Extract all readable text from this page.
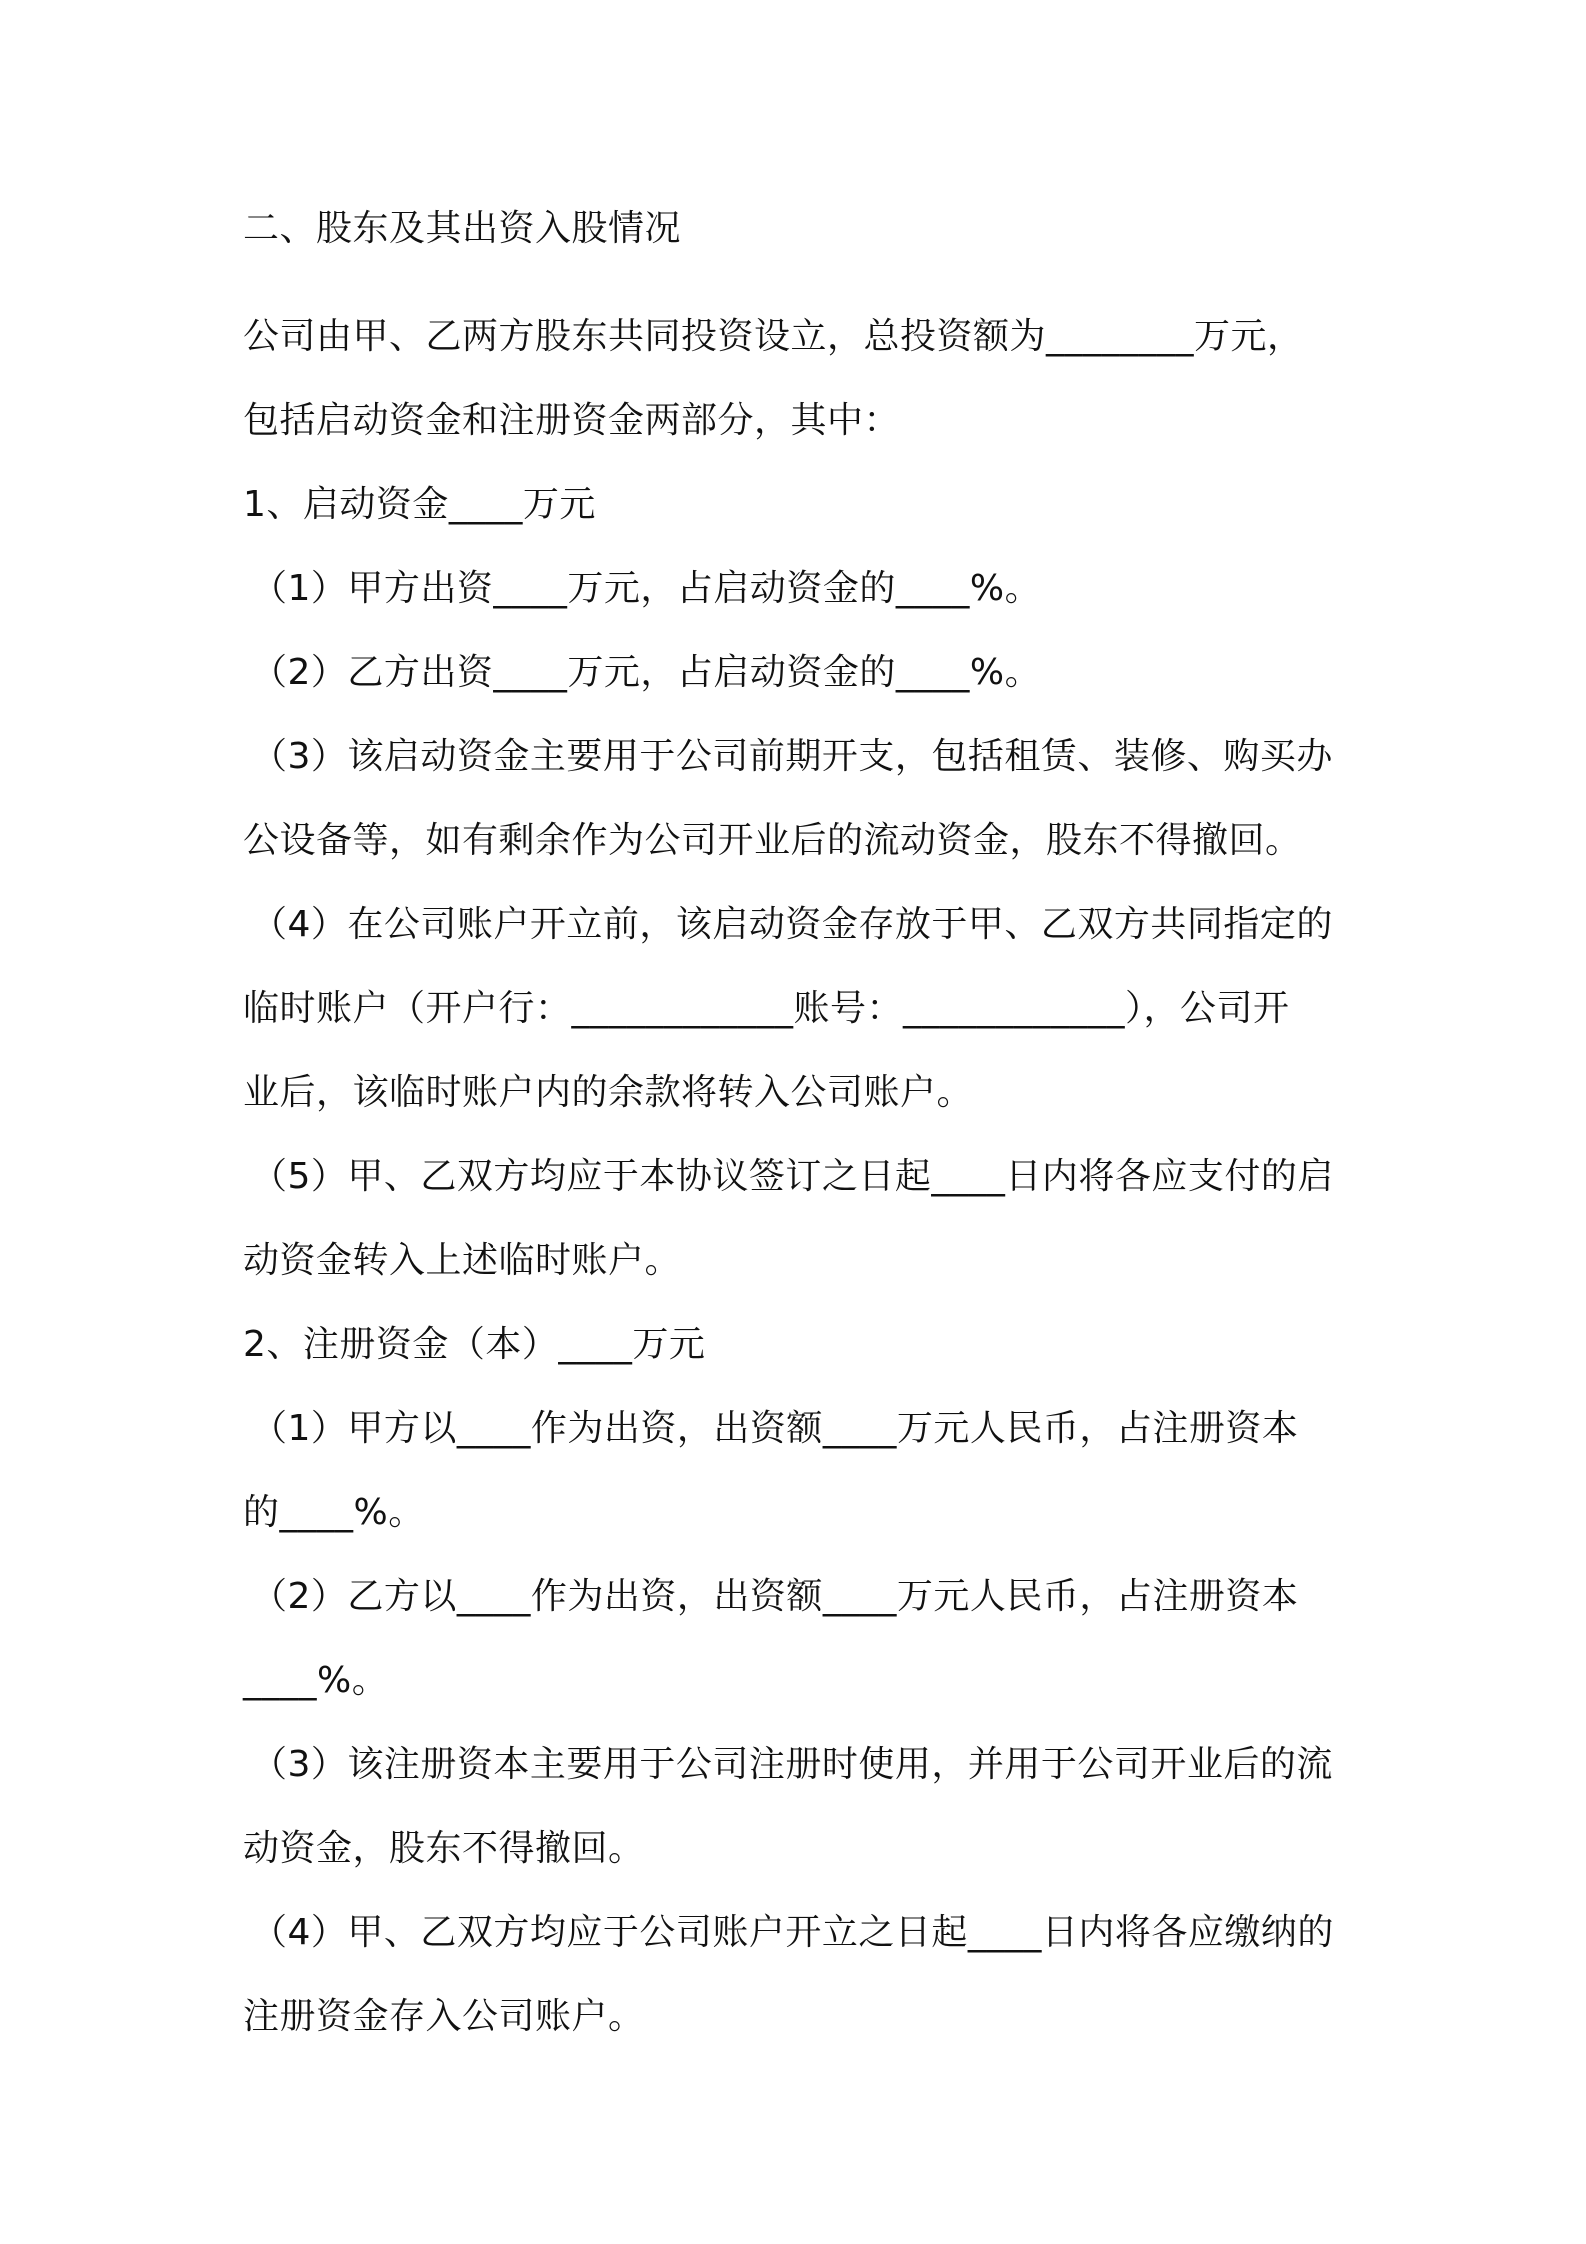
二、股东及其出资入股情况
公司由甲、乙两方股东共同投资设立，总投资额为________万元，
包括启动资金和注册资金两部分，其中：
1、启动资金____万元
（1）甲方出资____万元，占启动资金的____%。
（2）乙方出资____万元，占启动资金的____%。
（3）该启动资金主要用于公司前期开支，包括租赁、装修、购买办
公设备等，如有剩余作为公司开业后的流动资金，股东不得撤回。
（4）在公司账户开立前，该启动资金存放于甲、乙双方共同指定的
临时账户（开户行：____________账号：____________），公司开
业后，该临时账户内的余款将转入公司账户。
（5）甲、乙双方均应于本协议签订之日起____日内将各应支付的启
动资金转入上述临时账户。
2、注册资金（本）____万元
（1）甲方以____作为出资，出资额____万元人民币，占注册资本
的____%。
（2）乙方以____作为出资，出资额____万元人民币，占注册资本
____%。
（3）该注册资本主要用于公司注册时使用，并用于公司开业后的流
动资金，股东不得撤回。
（4）甲、乙双方均应于公司账户开立之日起____日内将各应缴纳的
注册资金存入公司账户。
